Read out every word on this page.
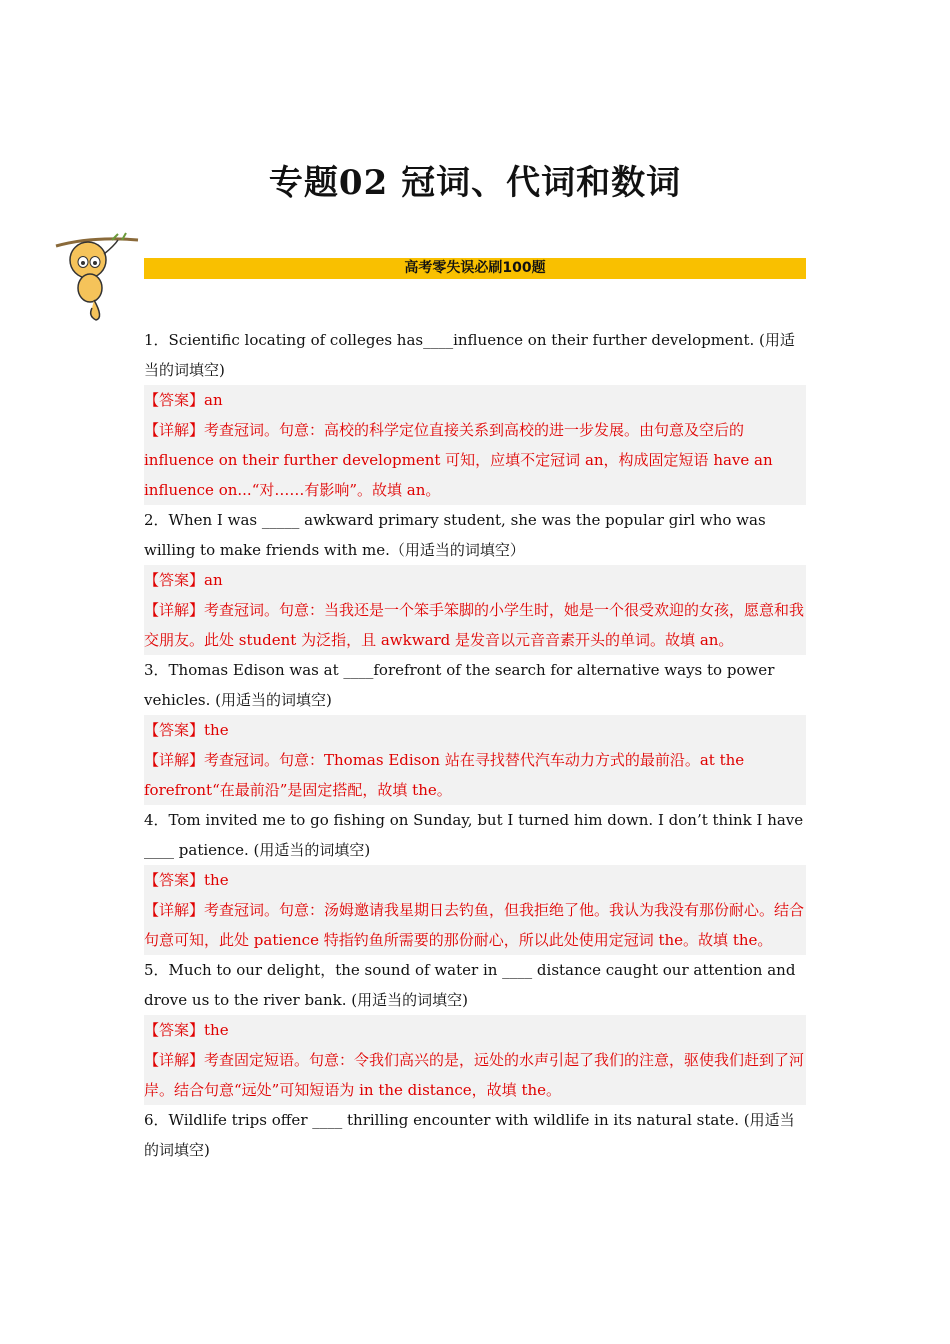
专题02 冠词、代词和数词
高考零失误必刷100题

1．Scientific locating of colleges has____influence on their further development. (用适当的词填空)

【答案】an

【详解】考查冠词。句意：高校的科学定位直接关系到高校的进一步发展。由句意及空后的 influence on their further development 可知，应填不定冠词 an，构成固定短语 have an influence on...“对……有影响”。故填 an。

2．When I was _____ awkward primary student, she was the popular girl who was willing to make friends with me.（用适当的词填空）

【答案】an

【详解】考查冠词。句意：当我还是一个笨手笨脚的小学生时，她是一个很受欢迎的女孩，愿意和我交朋友。此处 student 为泛指，且 awkward 是发音以元音音素开头的单词。故填 an。

3．Thomas Edison was at ____forefront of the search for alternative ways to power vehicles. (用适当的词填空)

【答案】the

【详解】考查冠词。句意：Thomas Edison 站在寻找替代汽车动力方式的最前沿。at the forefront“在最前沿”是固定搭配，故填 the。

4．Tom invited me to go fishing on Sunday, but I turned him down. I don’t think I have ____ patience. (用适当的词填空)

【答案】the

【详解】考查冠词。句意：汤姆邀请我星期日去钓鱼，但我拒绝了他。我认为我没有那份耐心。结合句意可知，此处 patience 特指钓鱼所需要的那份耐心，所以此处使用定冠词 the。故填 the。

5．Much to our delight，the sound of water in ____ distance caught our attention and drove us to the river bank. (用适当的词填空)

【答案】the

【详解】考查固定短语。句意：令我们高兴的是，远处的水声引起了我们的注意，驱使我们赶到了河岸。结合句意“远处”可知短语为 in the distance，故填 the。

6．Wildlife trips offer ____ thrilling encounter with wildlife in its natural state. (用适当的词填空)
